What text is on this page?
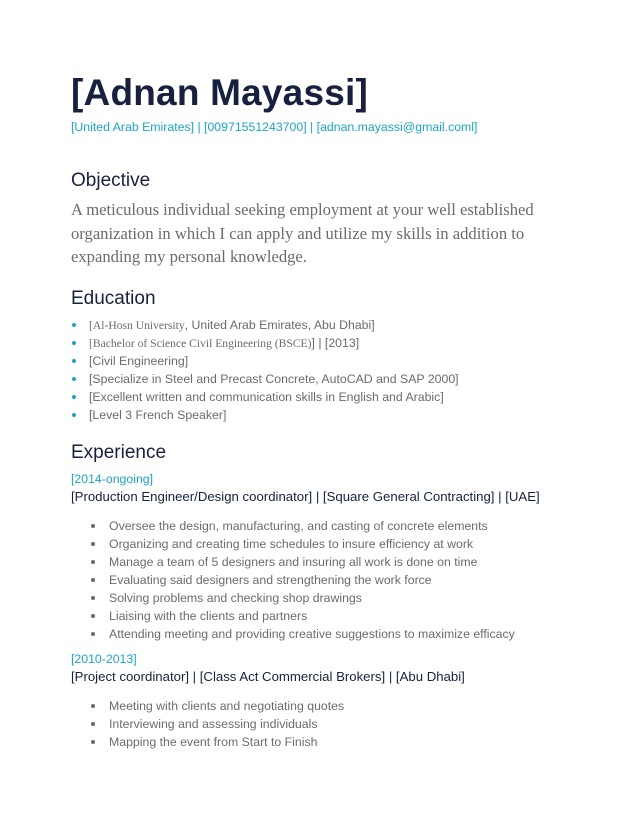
[Adnan Mayassi]
[United Arab Emirates] | [00971551243700] | [adnan.mayassi@gmail.coml]
Objective
A meticulous individual seeking employment at your well established organization in which I can apply and utilize my skills in addition to expanding my personal knowledge.
Education
[Al-Hosn University, United Arab Emirates, Abu Dhabi]
[Bachelor of Science Civil Engineering (BSCE)] | [2013]
[Civil Engineering]
[Specialize in Steel and Precast Concrete, AutoCAD and SAP 2000]
[Excellent written and communication skills in English and Arabic]
[Level 3 French Speaker]
Experience
[2014-ongoing]
[Production Engineer/Design coordinator] | [Square General Contracting] | [UAE]
Oversee the design, manufacturing, and casting of concrete elements
Organizing and creating time schedules to insure efficiency at work
Manage a team of 5 designers and insuring all work is done on time
Evaluating said designers and strengthening the work force
Solving problems and checking shop drawings
Liaising with the clients and partners
Attending meeting and providing creative suggestions to maximize efficacy
[2010-2013]
[Project coordinator] | [Class Act Commercial Brokers] | [Abu Dhabi]
Meeting with clients and negotiating quotes
Interviewing and assessing individuals
Mapping the event from Start to Finish
